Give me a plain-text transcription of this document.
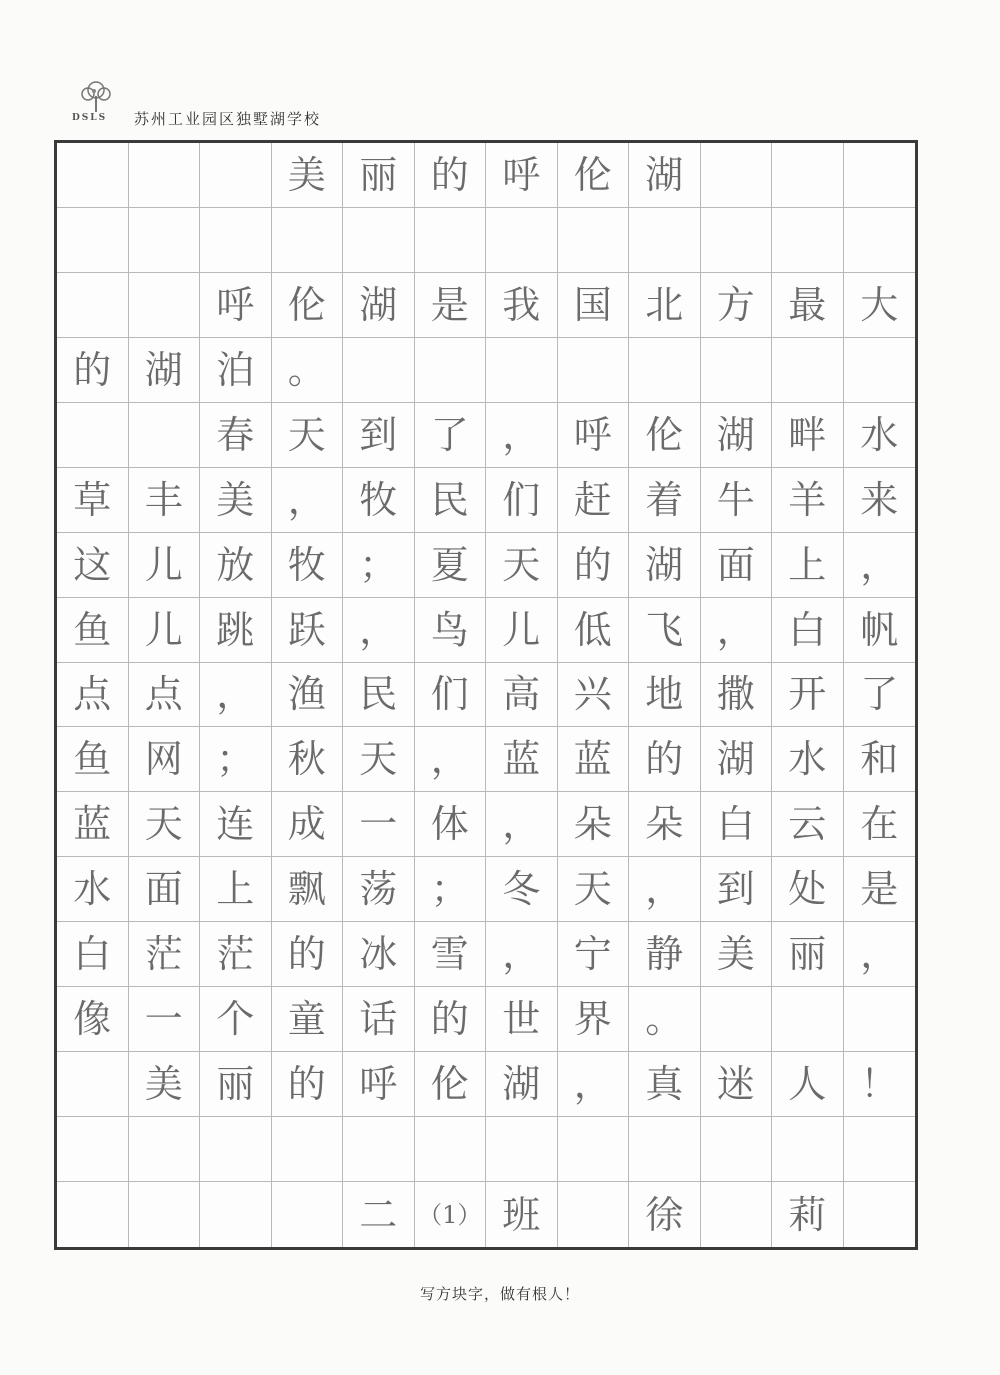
DSLS 苏州工业园区独墅湖学校
美 丽 的 呼 伦 湖
呼 伦 湖 是 我 国 北 方 最 大
的 湖 泊 。
春 天 到 了 ， 呼 伦 湖 畔 水
草 丰 美 ， 牧 民 们 赶 着 牛 羊 来
这 儿 放 牧 ； 夏 天 的 湖 面 上 ，
鱼 儿 跳 跃 ， 鸟 儿 低 飞 ， 白 帆
点 点 ， 渔 民 们 高 兴 地 撒 开 了
鱼 网 ； 秋 天 ， 蓝 蓝 的 湖 水 和
蓝 天 连 成 一 体 ， 朵 朵 白 云 在
水 面 上 飘 荡 ； 冬 天 ， 到 处 是
白 茫 茫 的 冰 雪 ， 宁 静 美 丽 ，
像 一 个 童 话 的 世 界 。
美 丽 的 呼 伦 湖 ， 真 迷 人 ！
二 （1） 班	徐	莉
写方块字，做有根人！
